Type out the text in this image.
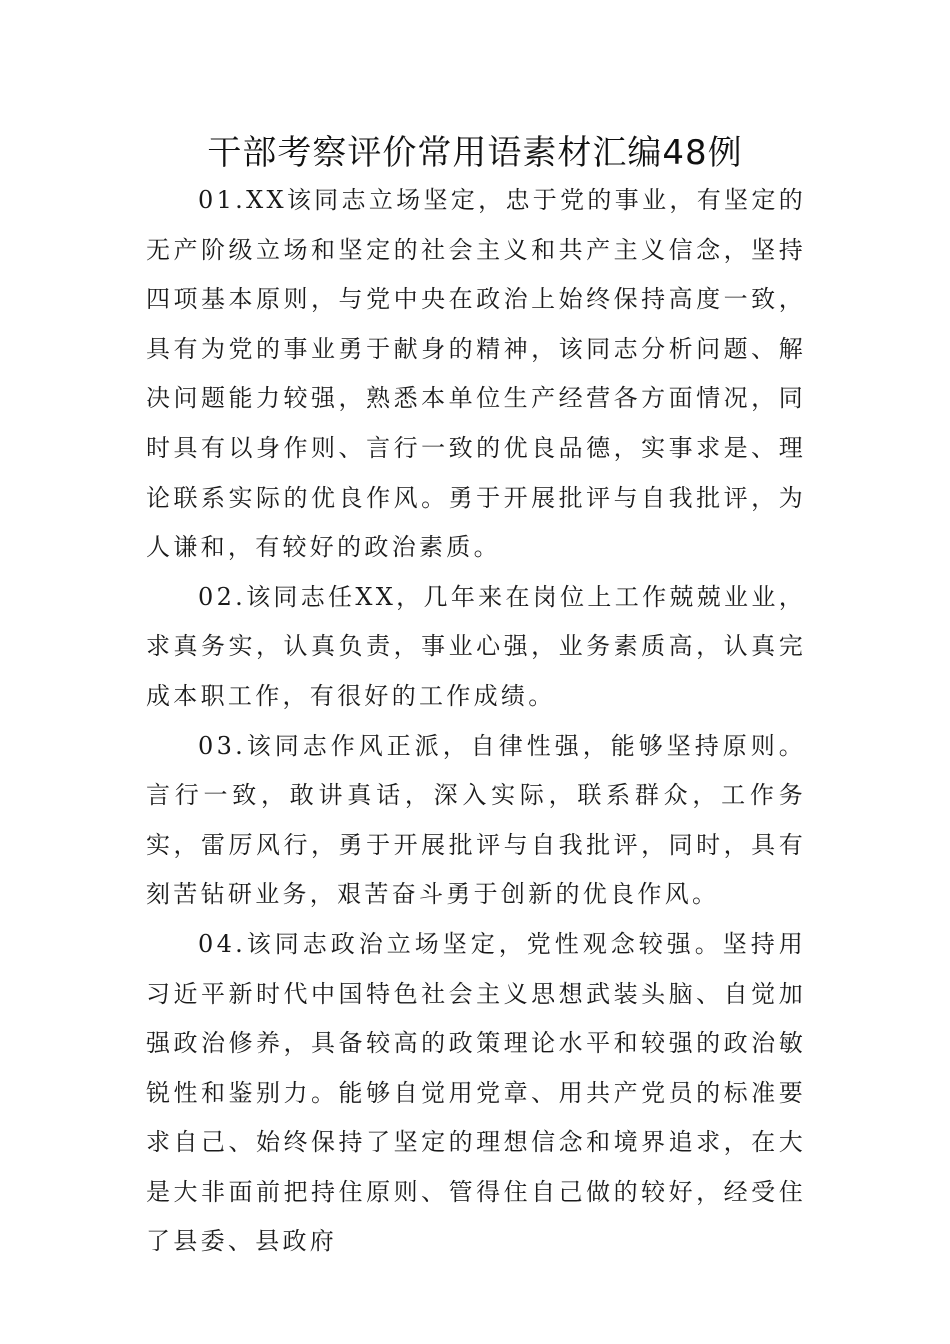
干部考察评价常用语素材汇编48例

01.XX该同志立场坚定，忠于党的事业，有坚定的无产阶级立场和坚定的社会主义和共产主义信念，坚持四项基本原则，与党中央在政治上始终保持高度一致，具有为党的事业勇于献身的精神，该同志分析问题、解决问题能力较强，熟悉本单位生产经营各方面情况，同时具有以身作则、言行一致的优良品德，实事求是、理论联系实际的优良作风。勇于开展批评与自我批评，为人谦和，有较好的政治素质。

02.该同志任XX，几年来在岗位上工作兢兢业业，求真务实，认真负责，事业心强，业务素质高，认真完成本职工作，有很好的工作成绩。

03.该同志作风正派，自律性强，能够坚持原则。言行一致，敢讲真话，深入实际，联系群众，工作务实，雷厉风行，勇于开展批评与自我批评，同时，具有刻苦钻研业务，艰苦奋斗勇于创新的优良作风。

04.该同志政治立场坚定，党性观念较强。坚持用习近平新时代中国特色社会主义思想武装头脑、自觉加强政治修养，具备较高的政策理论水平和较强的政治敏锐性和鉴别力。能够自觉用党章、用共产党员的标准要求自己、始终保持了坚定的理想信念和境界追求，在大是大非面前把持住原则、管得住自己做的较好，经受住了县委、县政府
